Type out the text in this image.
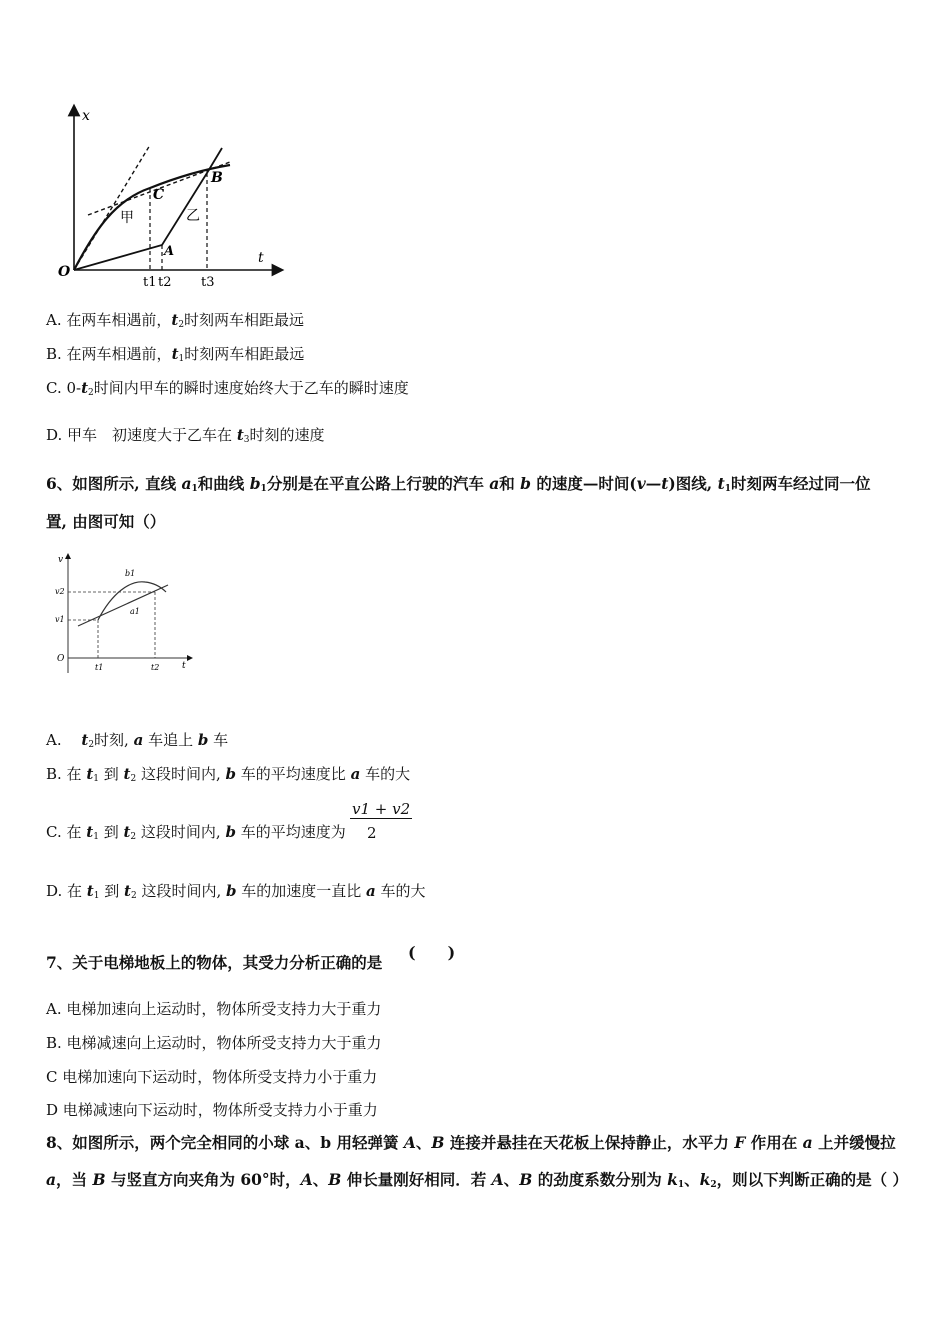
x
t
O
C
B
A
甲	乙
t1 t2 t3
A. 在两车相遇前，$t_2$时刻两车相距最远
B. 在两车相遇前，$t_1$时刻两车相距最远
C. $0-t_2$时间内甲车的瞬时速度始终大于乙车的瞬时速度
D. 甲车　初速度大于乙车在 $t_3$时刻的速度
6、如图所示, 直线 $a_1$和曲线 $b_1$分别是在平直公路上行驶的汽车 a和 b 的速度—时间(v—t)图线, $t_1$时刻两车经过同一位
置, 由图可知（）
v
t
O
v2
v1
t1	t2
b1
a1
A.　 $t_2$时刻, a 车追上 b 车
B. 在 $t_1$ 到 $t_2$ 这段时间内, b 车的平均速度比 a 车的大
C. 在 $t_1$ 到 $t_2$ 这段时间内, b 车的平均速度为
v1 + v2
2
D. 在 $t_1$ 到 $t_2$ 这段时间内, b 车的加速度一直比 a 车的大
7、关于电梯地板上的物体，其受力分析正确的是
(　　)
A. 电梯加速向上运动时，物体所受支持力大于重力
B. 电梯减速向上运动时，物体所受支持力大于重力
C 电梯加速向下运动时，物体所受支持力小于重力
D 电梯减速向下运动时，物体所受支持力小于重力
8、如图所示，两个完全相同的小球 a、b 用轻弹簧 A、B 连接并悬挂在天花板上保持静止，水平力 F 作用在 a 上并缓慢拉
a，当 B 与竖直方向夹角为 60°时，A、B 伸长量刚好相同．若 A、B 的劲度系数分别为 $k_1$、$k_2$，则以下判断正确的是（ ）
